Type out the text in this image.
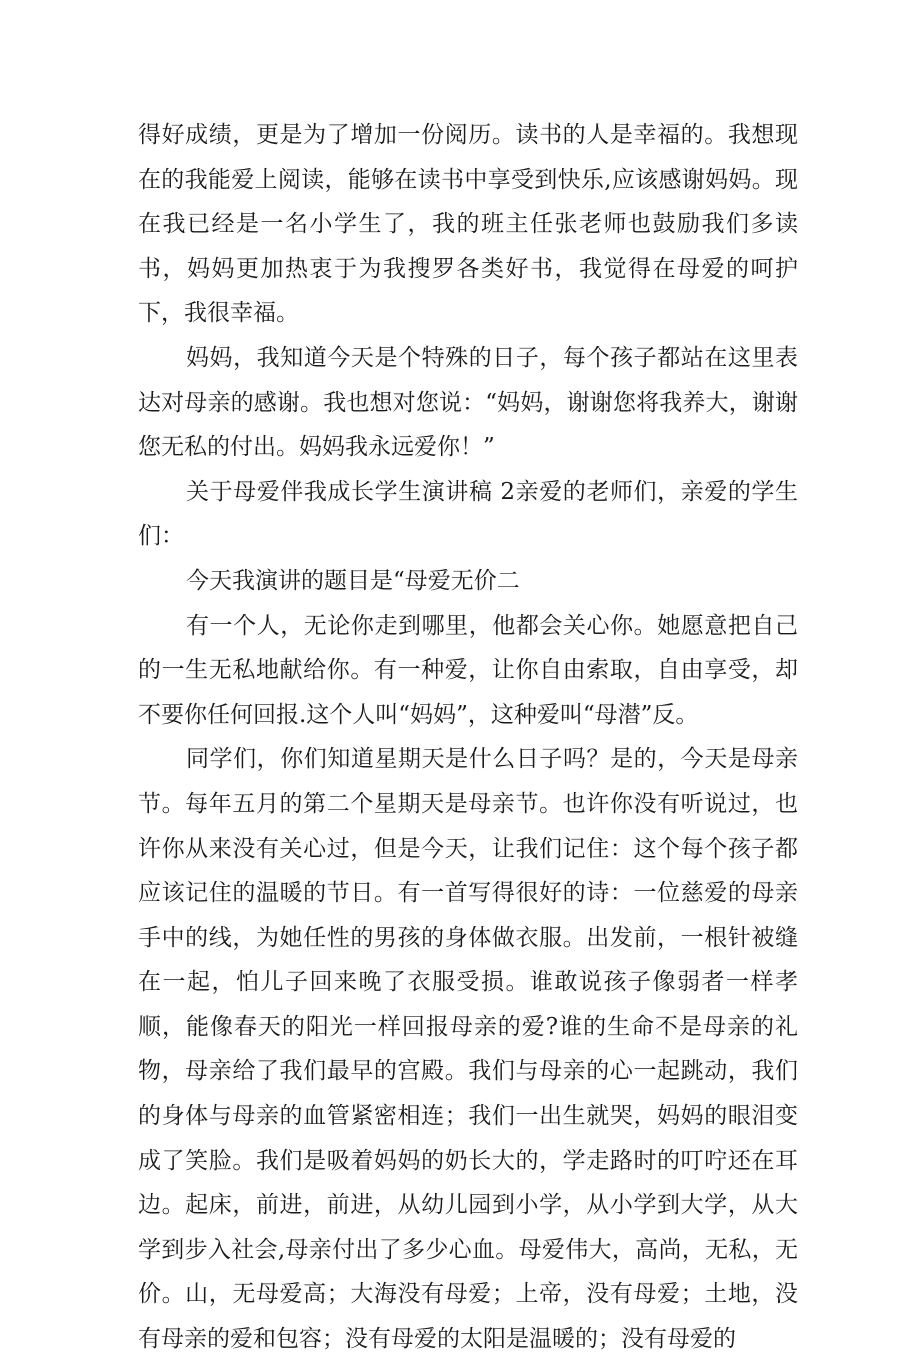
得好成绩，更是为了增加一份阅历。读书的人是幸福的。我想现在的我能爱上阅读，能够在读书中享受到快乐,应该感谢妈妈。现在我已经是一名小学生了，我的班主任张老师也鼓励我们多读书，妈妈更加热衷于为我搜罗各类好书，我觉得在母爱的呵护下，我很幸福。

妈妈，我知道今天是个特殊的日子，每个孩子都站在这里表达对母亲的感谢。我也想对您说：“妈妈，谢谢您将我养大，谢谢您无私的付出。妈妈我永远爱你！”

关于母爱伴我成长学生演讲稿 2亲爱的老师们，亲爱的学生们：

今天我演讲的题目是“母爱无价二

有一个人，无论你走到哪里，他都会关心你。她愿意把自己的一生无私地献给你。有一种爱，让你自由索取，自由享受，却不要你任何回报.这个人叫“妈妈”，这种爱叫“母潜”反。

同学们，你们知道星期天是什么日子吗？是的，今天是母亲节。每年五月的第二个星期天是母亲节。也许你没有听说过，也许你从来没有关心过，但是今天，让我们记住：这个每个孩子都应该记住的温暖的节日。有一首写得很好的诗：一位慈爱的母亲手中的线，为她任性的男孩的身体做衣服。出发前，一根针被缝在一起，怕儿子回来晚了衣服受损。谁敢说孩子像弱者一样孝顺，能像春天的阳光一样回报母亲的爱?谁的生命不是母亲的礼物，母亲给了我们最早的宫殿。我们与母亲的心一起跳动，我们的身体与母亲的血管紧密相连；我们一出生就哭，妈妈的眼泪变成了笑脸。我们是吸着妈妈的奶长大的，学走路时的叮咛还在耳边。起床，前进，前进，从幼儿园到小学，从小学到大学，从大学到步入社会,母亲付出了多少心血。母爱伟大，高尚，无私，无价。山，无母爱高；大海没有母爱；上帝，没有母爱；土地，没有母亲的爱和包容；没有母爱的太阳是温暖的；没有母爱的
